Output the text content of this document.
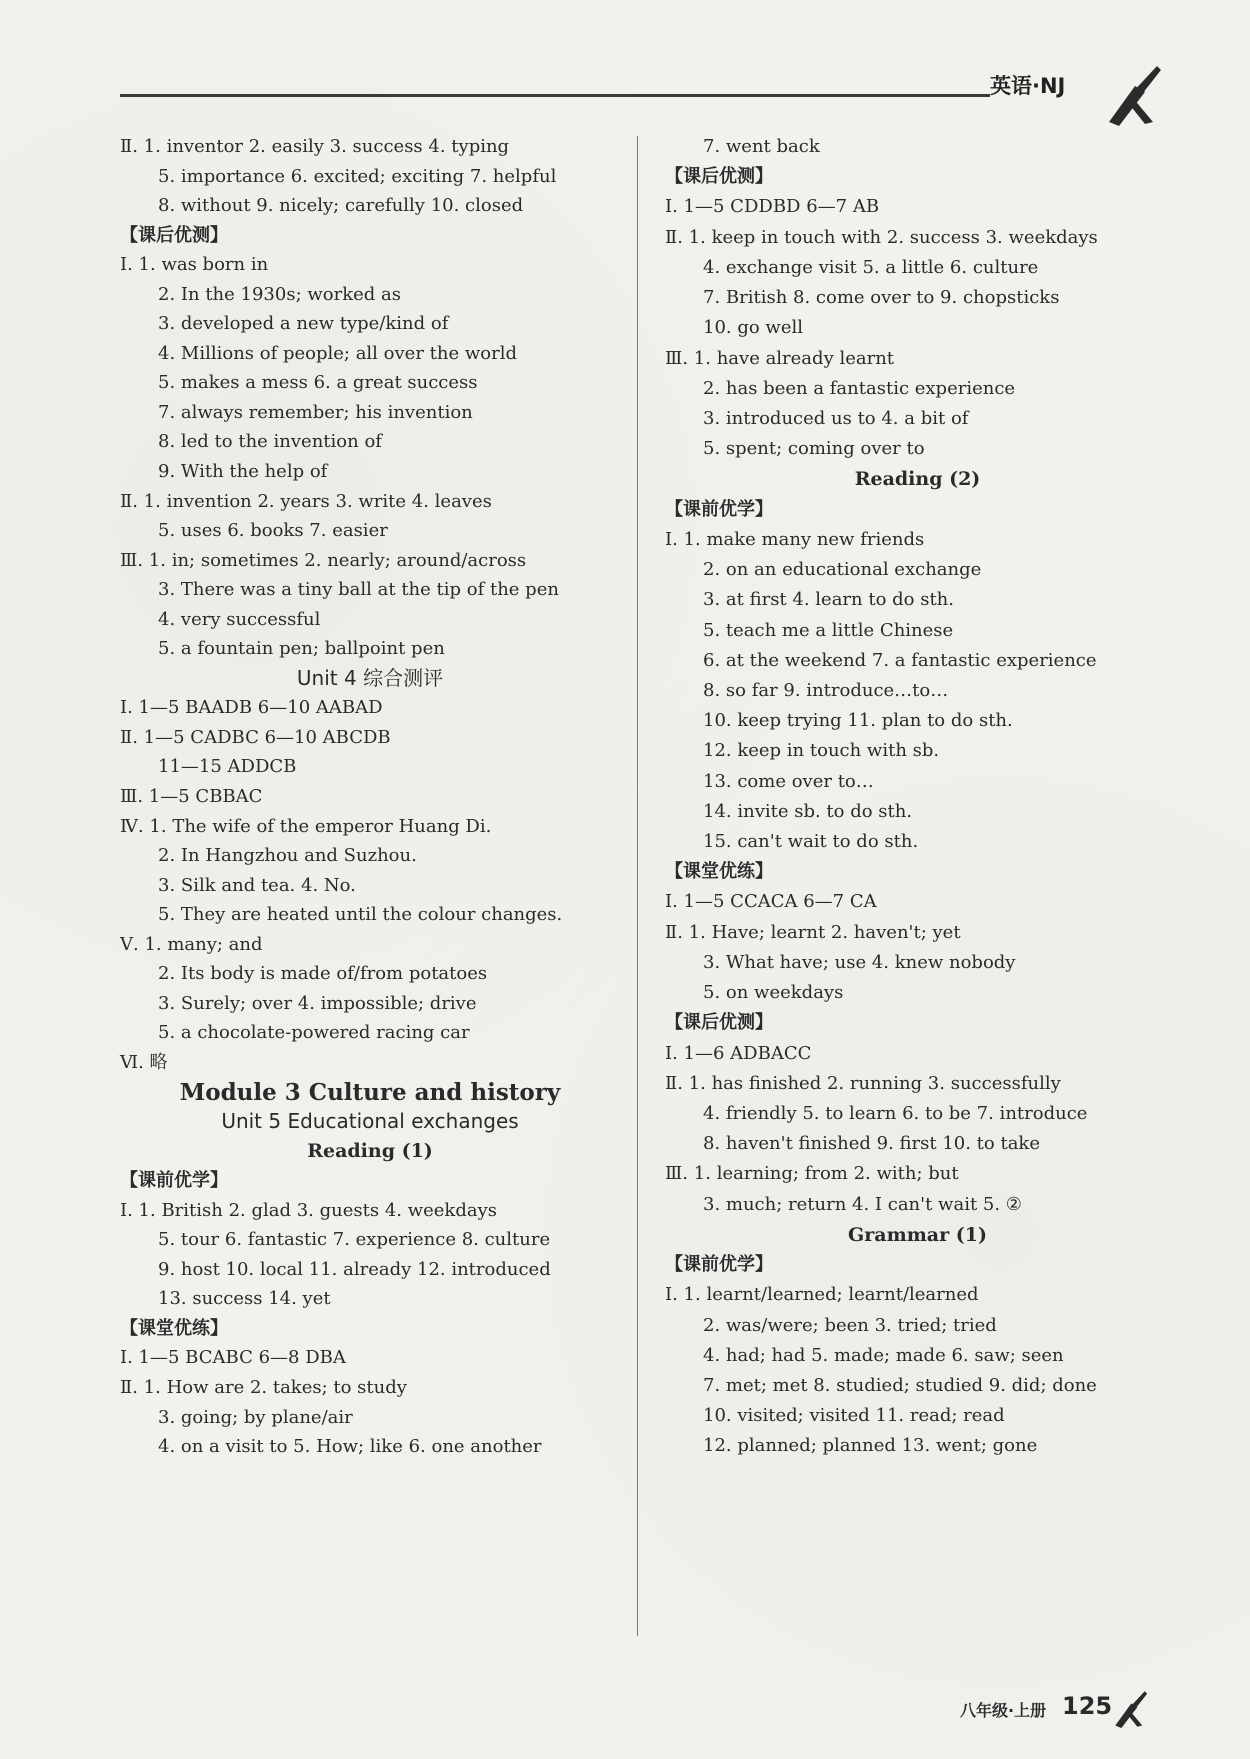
英语·NJ
Ⅱ. 1. inventor 2. easily 3. success 4. typing
5. importance 6. excited; exciting 7. helpful
8. without 9. nicely; carefully 10. closed
【课后优测】
Ⅰ. 1. was born in
2. In the 1930s; worked as
3. developed a new type/kind of
4. Millions of people; all over the world
5. makes a mess 6. a great success
7. always remember; his invention
8. led to the invention of
9. With the help of
Ⅱ. 1. invention 2. years 3. write 4. leaves
5. uses 6. books 7. easier
Ⅲ. 1. in; sometimes 2. nearly; around/across
3. There was a tiny ball at the tip of the pen
4. very successful
5. a fountain pen; ballpoint pen
Unit 4 综合测评
Ⅰ. 1—5 BAADB 6—10 AABAD
Ⅱ. 1—5 CADBC 6—10 ABCDB
11—15 ADDCB
Ⅲ. 1—5 CBBAC
Ⅳ. 1. The wife of the emperor Huang Di.
2. In Hangzhou and Suzhou.
3. Silk and tea. 4. No.
5. They are heated until the colour changes.
Ⅴ. 1. many; and
2. Its body is made of/from potatoes
3. Surely; over 4. impossible; drive
5. a chocolate-powered racing car
Ⅵ. 略
Module 3 Culture and history
Unit 5 Educational exchanges
Reading (1)
【课前优学】
Ⅰ. 1. British 2. glad 3. guests 4. weekdays
5. tour 6. fantastic 7. experience 8. culture
9. host 10. local 11. already 12. introduced
13. success 14. yet
【课堂优练】
Ⅰ. 1—5 BCABC 6—8 DBA
Ⅱ. 1. How are 2. takes; to study
3. going; by plane/air
4. on a visit to 5. How; like 6. one another
7. went back
【课后优测】
Ⅰ. 1—5 CDDBD 6—7 AB
Ⅱ. 1. keep in touch with 2. success 3. weekdays
4. exchange visit 5. a little 6. culture
7. British 8. come over to 9. chopsticks
10. go well
Ⅲ. 1. have already learnt
2. has been a fantastic experience
3. introduced us to 4. a bit of
5. spent; coming over to
Reading (2)
【课前优学】
Ⅰ. 1. make many new friends
2. on an educational exchange
3. at first 4. learn to do sth.
5. teach me a little Chinese
6. at the weekend 7. a fantastic experience
8. so far 9. introduce…to…
10. keep trying 11. plan to do sth.
12. keep in touch with sb.
13. come over to…
14. invite sb. to do sth.
15. can't wait to do sth.
【课堂优练】
Ⅰ. 1—5 CCACA 6—7 CA
Ⅱ. 1. Have; learnt 2. haven't; yet
3. What have; use 4. knew nobody
5. on weekdays
【课后优测】
Ⅰ. 1—6 ADBACC
Ⅱ. 1. has finished 2. running 3. successfully
4. friendly 5. to learn 6. to be 7. introduce
8. haven't finished 9. first 10. to take
Ⅲ. 1. learning; from 2. with; but
3. much; return 4. I can't wait 5. ②
Grammar (1)
【课前优学】
Ⅰ. 1. learnt/learned; learnt/learned
2. was/were; been 3. tried; tried
4. had; had 5. made; made 6. saw; seen
7. met; met 8. studied; studied 9. did; done
10. visited; visited 11. read; read
12. planned; planned 13. went; gone
八年级·上册 125
